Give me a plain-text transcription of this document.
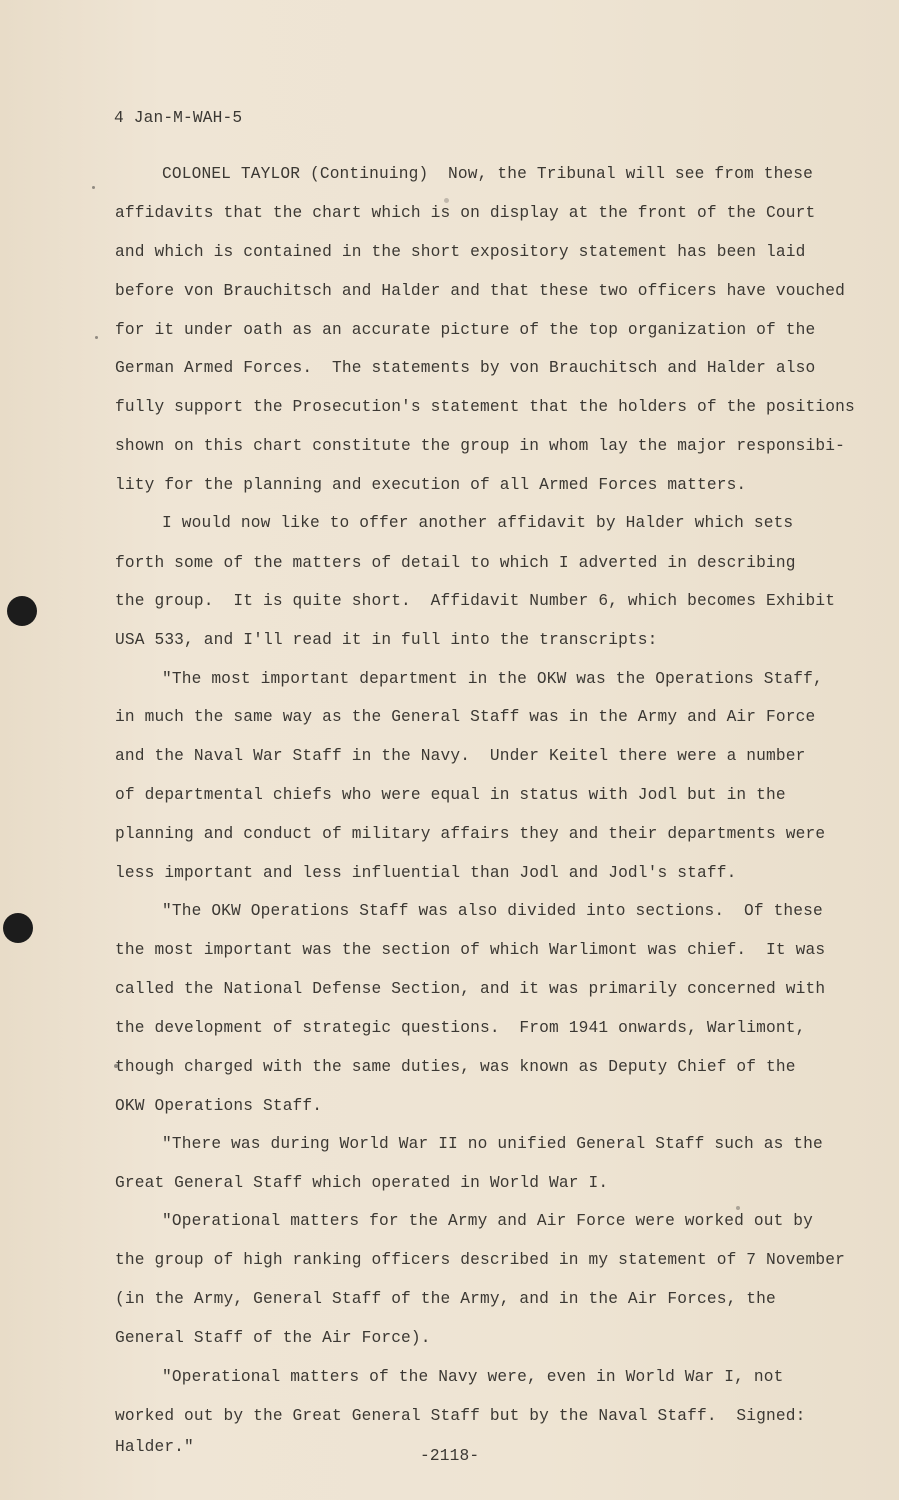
4 Jan-M-WAH-5
COLONEL TAYLOR (Continuing)  Now, the Tribunal will see from these
affidavits that the chart which is on display at the front of the Court
and which is contained in the short expository statement has been laid
before von Brauchitsch and Halder and that these two officers have vouched
for it under oath as an accurate picture of the top organization of the
German Armed Forces.  The statements by von Brauchitsch and Halder also
fully support the Prosecution's statement that the holders of the positions
shown on this chart constitute the group in whom lay the major responsibi-
lity for the planning and execution of all Armed Forces matters.
I would now like to offer another affidavit by Halder which sets
forth some of the matters of detail to which I adverted in describing
the group.  It is quite short.  Affidavit Number 6, which becomes Exhibit
USA 533, and I'll read it in full into the transcripts:
"The most important department in the OKW was the Operations Staff,
in much the same way as the General Staff was in the Army and Air Force
and the Naval War Staff in the Navy.  Under Keitel there were a number
of departmental chiefs who were equal in status with Jodl but in the
planning and conduct of military affairs they and their departments were
less important and less influential than Jodl and Jodl's staff.
"The OKW Operations Staff was also divided into sections.  Of these
the most important was the section of which Warlimont was chief.  It was
called the National Defense Section, and it was primarily concerned with
the development of strategic questions.  From 1941 onwards, Warlimont,
though charged with the same duties, was known as Deputy Chief of the
OKW Operations Staff.
"There was during World War II no unified General Staff such as the
Great General Staff which operated in World War I.
"Operational matters for the Army and Air Force were worked out by
the group of high ranking officers described in my statement of 7 November
(in the Army, General Staff of the Army, and in the Air Forces, the
General Staff of the Air Force).
"Operational matters of the Navy were, even in World War I, not
worked out by the Great General Staff but by the Naval Staff.  Signed:
Halder."	-2118-
